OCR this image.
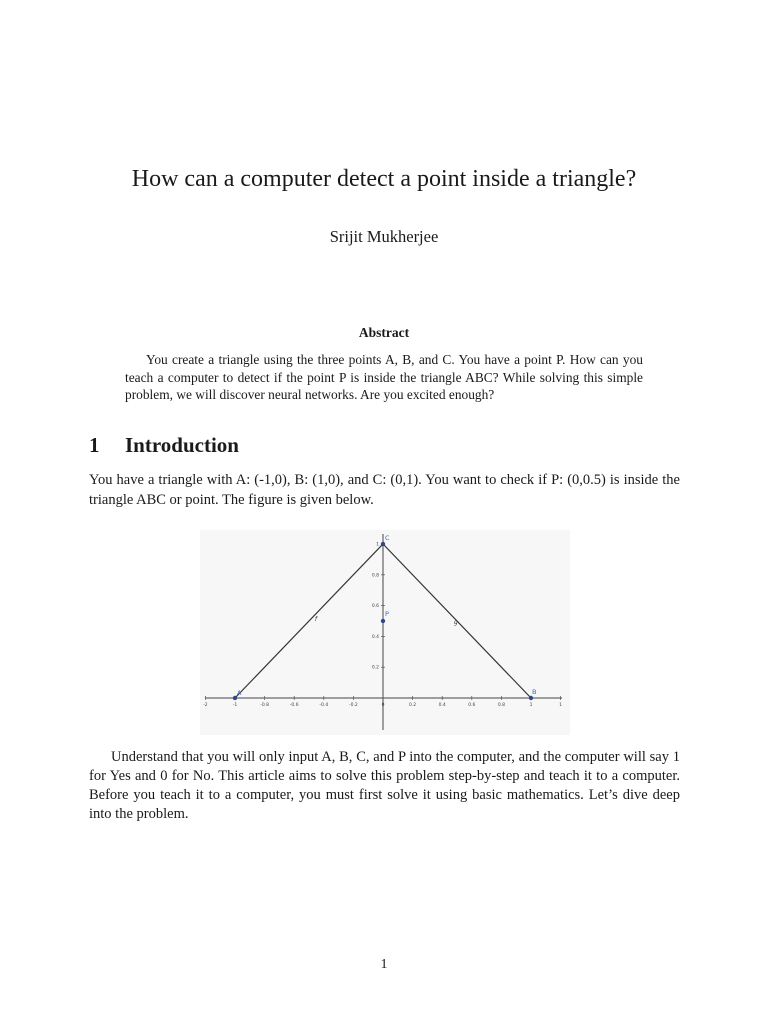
How can a computer detect a point inside a triangle?
Srijit Mukherjee
Abstract
You create a triangle using the three points A, B, and C. You have a point P. How can you teach a computer to detect if the point P is inside the triangle ABC? While solving this simple problem, we will discover neural networks. Are you excited enough?
1 Introduction
You have a triangle with A: (-1,0), B: (1,0), and C: (0,1). You want to check if P: (0,0.5) is inside the triangle ABC or point. The figure is given below.
-2	-1	-0.8	-0.6	-0.4	-0.2	0	0.2	0.4	0.6	0.8	1	1
0.2
0.4
0.6
0.8
1
f	g
A	B
C
P
Understand that you will only input A, B, C, and P into the computer, and the computer will say 1 for Yes and 0 for No. This article aims to solve this problem step-by-step and teach it to a computer. Before you teach it to a computer, you must first solve it using basic mathematics. Let’s dive deep into the problem.
1
